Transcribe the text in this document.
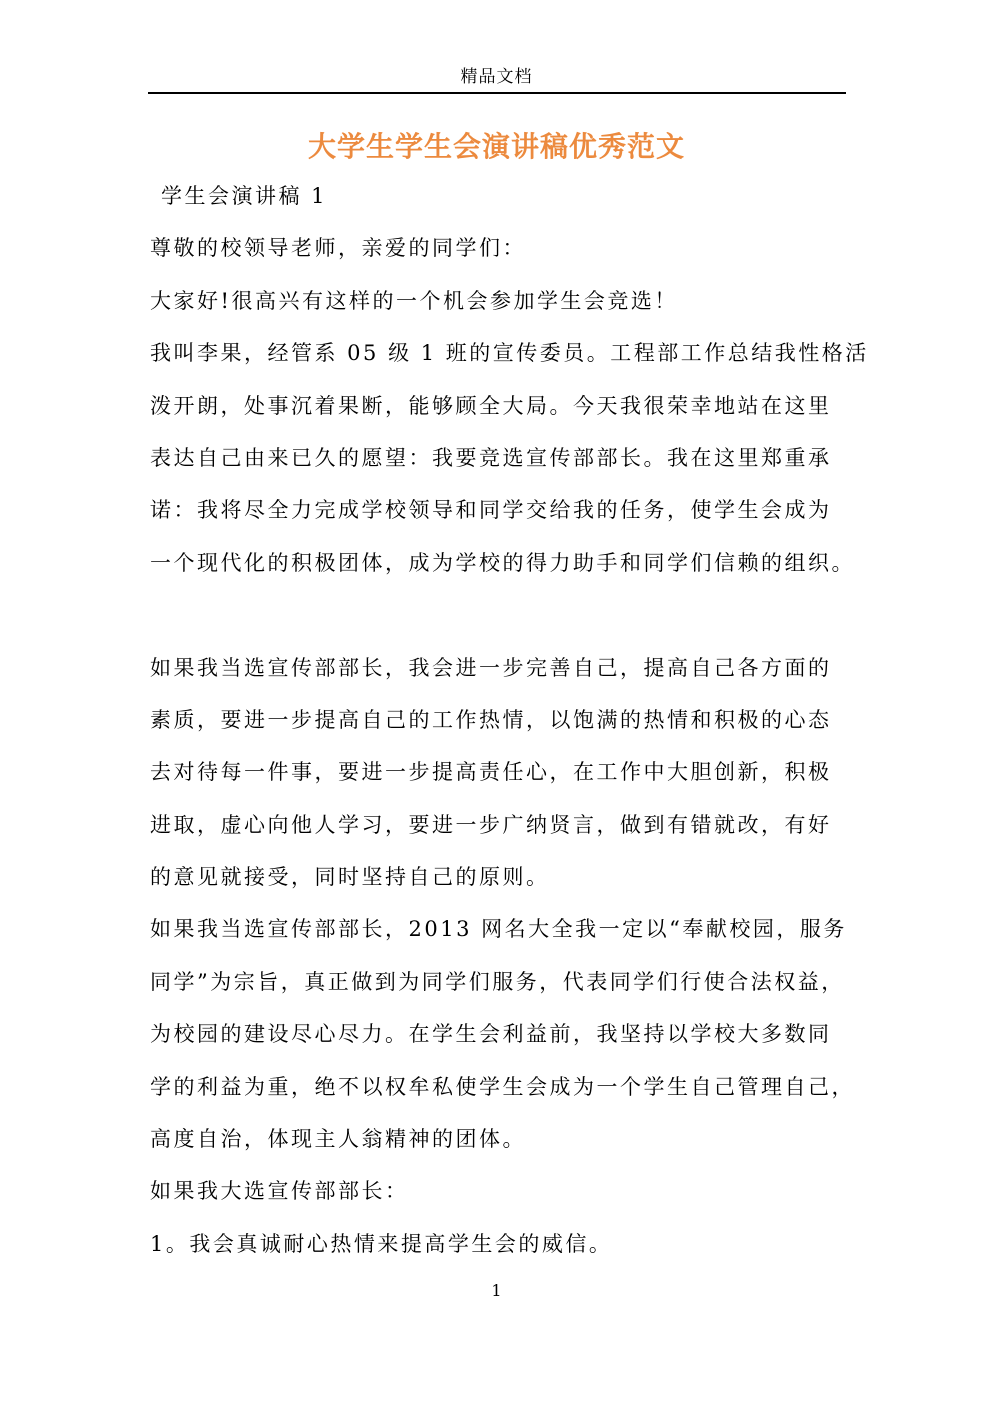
精品文档
大学生学生会演讲稿优秀范文
学生会演讲稿 1
尊敬的校领导老师，亲爱的同学们：
大家好!很高兴有这样的一个机会参加学生会竞选！
我叫李果，经管系 05 级 1 班的宣传委员。工程部工作总结我性格活
泼开朗，处事沉着果断，能够顾全大局。今天我很荣幸地站在这里
表达自己由来已久的愿望：我要竞选宣传部部长。我在这里郑重承
诺：我将尽全力完成学校领导和同学交给我的任务，使学生会成为
一个现代化的积极团体，成为学校的得力助手和同学们信赖的组织。
如果我当选宣传部部长，我会进一步完善自己，提高自己各方面的
素质，要进一步提高自己的工作热情，以饱满的热情和积极的心态
去对待每一件事，要进一步提高责任心，在工作中大胆创新，积极
进取，虚心向他人学习，要进一步广纳贤言，做到有错就改，有好
的意见就接受，同时坚持自己的原则。
如果我当选宣传部部长，2013 网名大全我一定以“奉献校园，服务
同学”为宗旨，真正做到为同学们服务，代表同学们行使合法权益，
为校园的建设尽心尽力。在学生会利益前，我坚持以学校大多数同
学的利益为重，绝不以权牟私使学生会成为一个学生自己管理自己，
高度自治，体现主人翁精神的团体。
如果我大选宣传部部长：
1。我会真诚耐心热情来提高学生会的威信。
1
